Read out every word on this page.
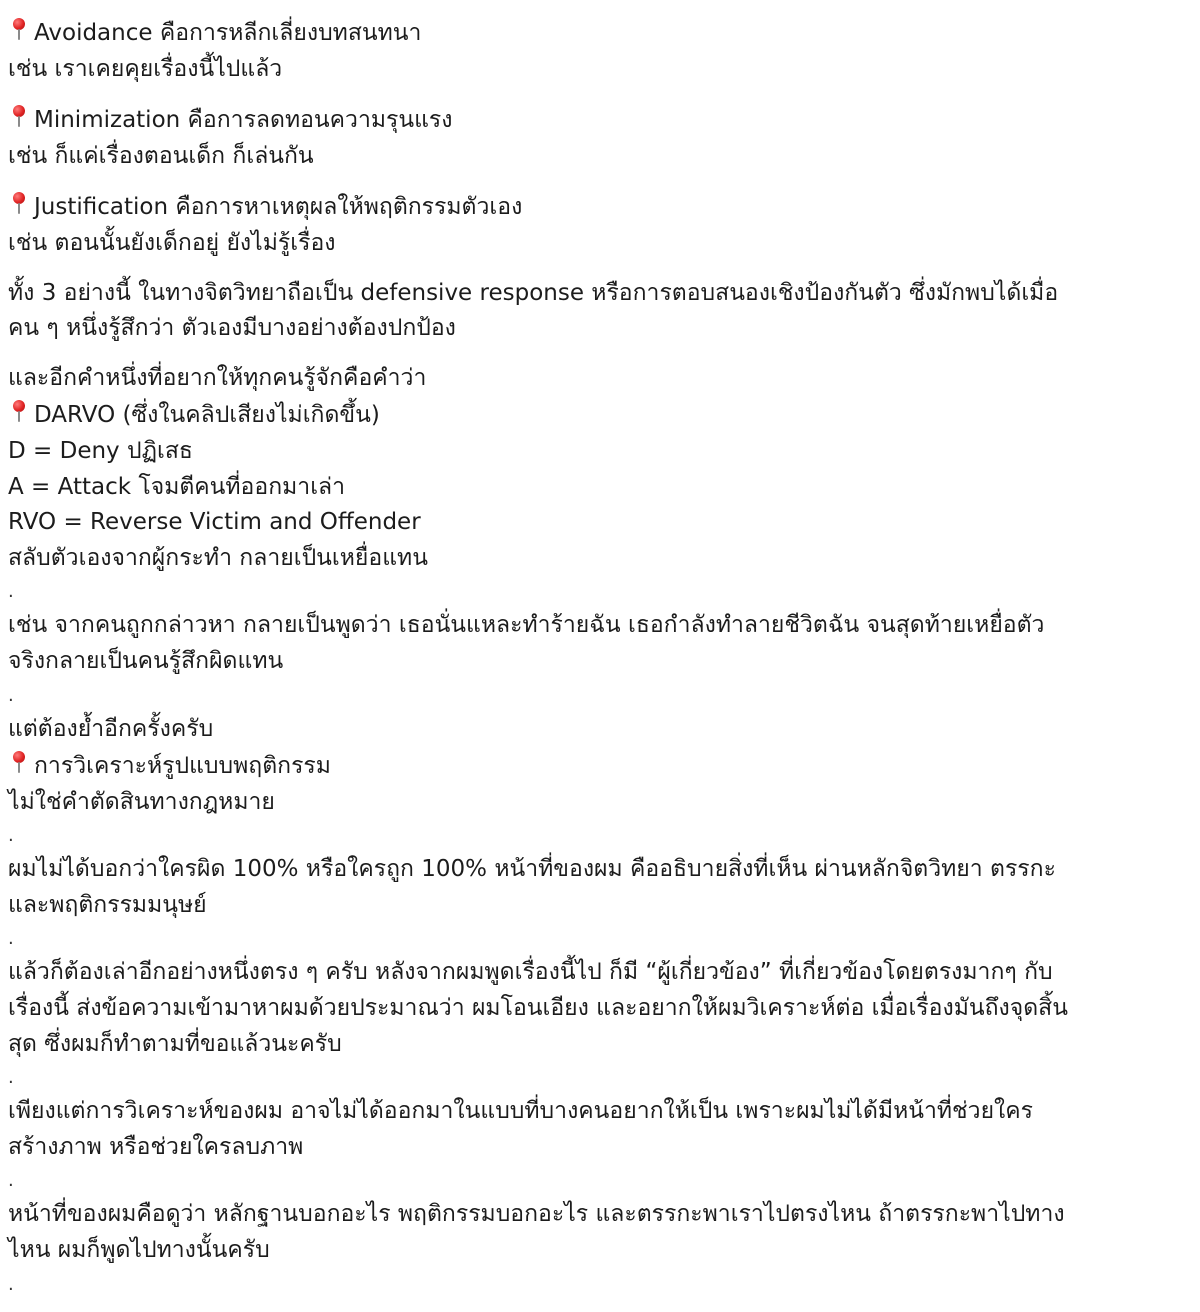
Avoidance คือการหลีกเลี่ยงบทสนทนา
เช่น เราเคยคุยเรื่องนี้ไปแล้ว
Minimization คือการลดทอนความรุนแรง
เช่น ก็แค่เรื่องตอนเด็ก ก็เล่นกัน
Justification คือการหาเหตุผลให้พฤติกรรมตัวเอง
เช่น ตอนนั้นยังเด็กอยู่ ยังไม่รู้เรื่อง
ทั้ง 3 อย่างนี้ ในทางจิตวิทยาถือเป็น defensive response หรือการตอบสนองเชิงป้องกันตัว ซึ่งมักพบได้เมื่อ
คน ๆ หนึ่งรู้สึกว่า ตัวเองมีบางอย่างต้องปกป้อง
และอีกคำหนึ่งที่อยากให้ทุกคนรู้จักคือคำว่า
DARVO (ซึ่งในคลิปเสียงไม่เกิดขึ้น)
D = Deny ปฏิเสธ
A = Attack โจมตีคนที่ออกมาเล่า
RVO = Reverse Victim and Offender
สลับตัวเองจากผู้กระทำ กลายเป็นเหยื่อแทน
.
เช่น จากคนถูกกล่าวหา กลายเป็นพูดว่า เธอนั่นแหละทำร้ายฉัน เธอกำลังทำลายชีวิตฉัน จนสุดท้ายเหยื่อตัว
จริงกลายเป็นคนรู้สึกผิดแทน
.
แต่ต้องย้ำอีกครั้งครับ
การวิเคราะห์รูปแบบพฤติกรรม
ไม่ใช่คำตัดสินทางกฎหมาย
.
ผมไม่ได้บอกว่าใครผิด 100% หรือใครถูก 100% หน้าที่ของผม คืออธิบายสิ่งที่เห็น ผ่านหลักจิตวิทยา ตรรกะ
และพฤติกรรมมนุษย์
.
แล้วก็ต้องเล่าอีกอย่างหนึ่งตรง ๆ ครับ หลังจากผมพูดเรื่องนี้ไป ก็มี “ผู้เกี่ยวข้อง” ที่เกี่ยวข้องโดยตรงมากๆ กับ
เรื่องนี้ ส่งข้อความเข้ามาหาผมด้วยประมาณว่า ผมโอนเอียง และอยากให้ผมวิเคราะห์ต่อ เมื่อเรื่องมันถึงจุดสิ้น
สุด ซึ่งผมก็ทำตามที่ขอแล้วนะครับ
.
เพียงแต่การวิเคราะห์ของผม อาจไม่ได้ออกมาในแบบที่บางคนอยากให้เป็น เพราะผมไม่ได้มีหน้าที่ช่วยใคร
สร้างภาพ หรือช่วยใครลบภาพ
.
หน้าที่ของผมคือดูว่า หลักฐานบอกอะไร พฤติกรรมบอกอะไร และตรรกะพาเราไปตรงไหน ถ้าตรรกะพาไปทาง
ไหน ผมก็พูดไปทางนั้นครับ
.
